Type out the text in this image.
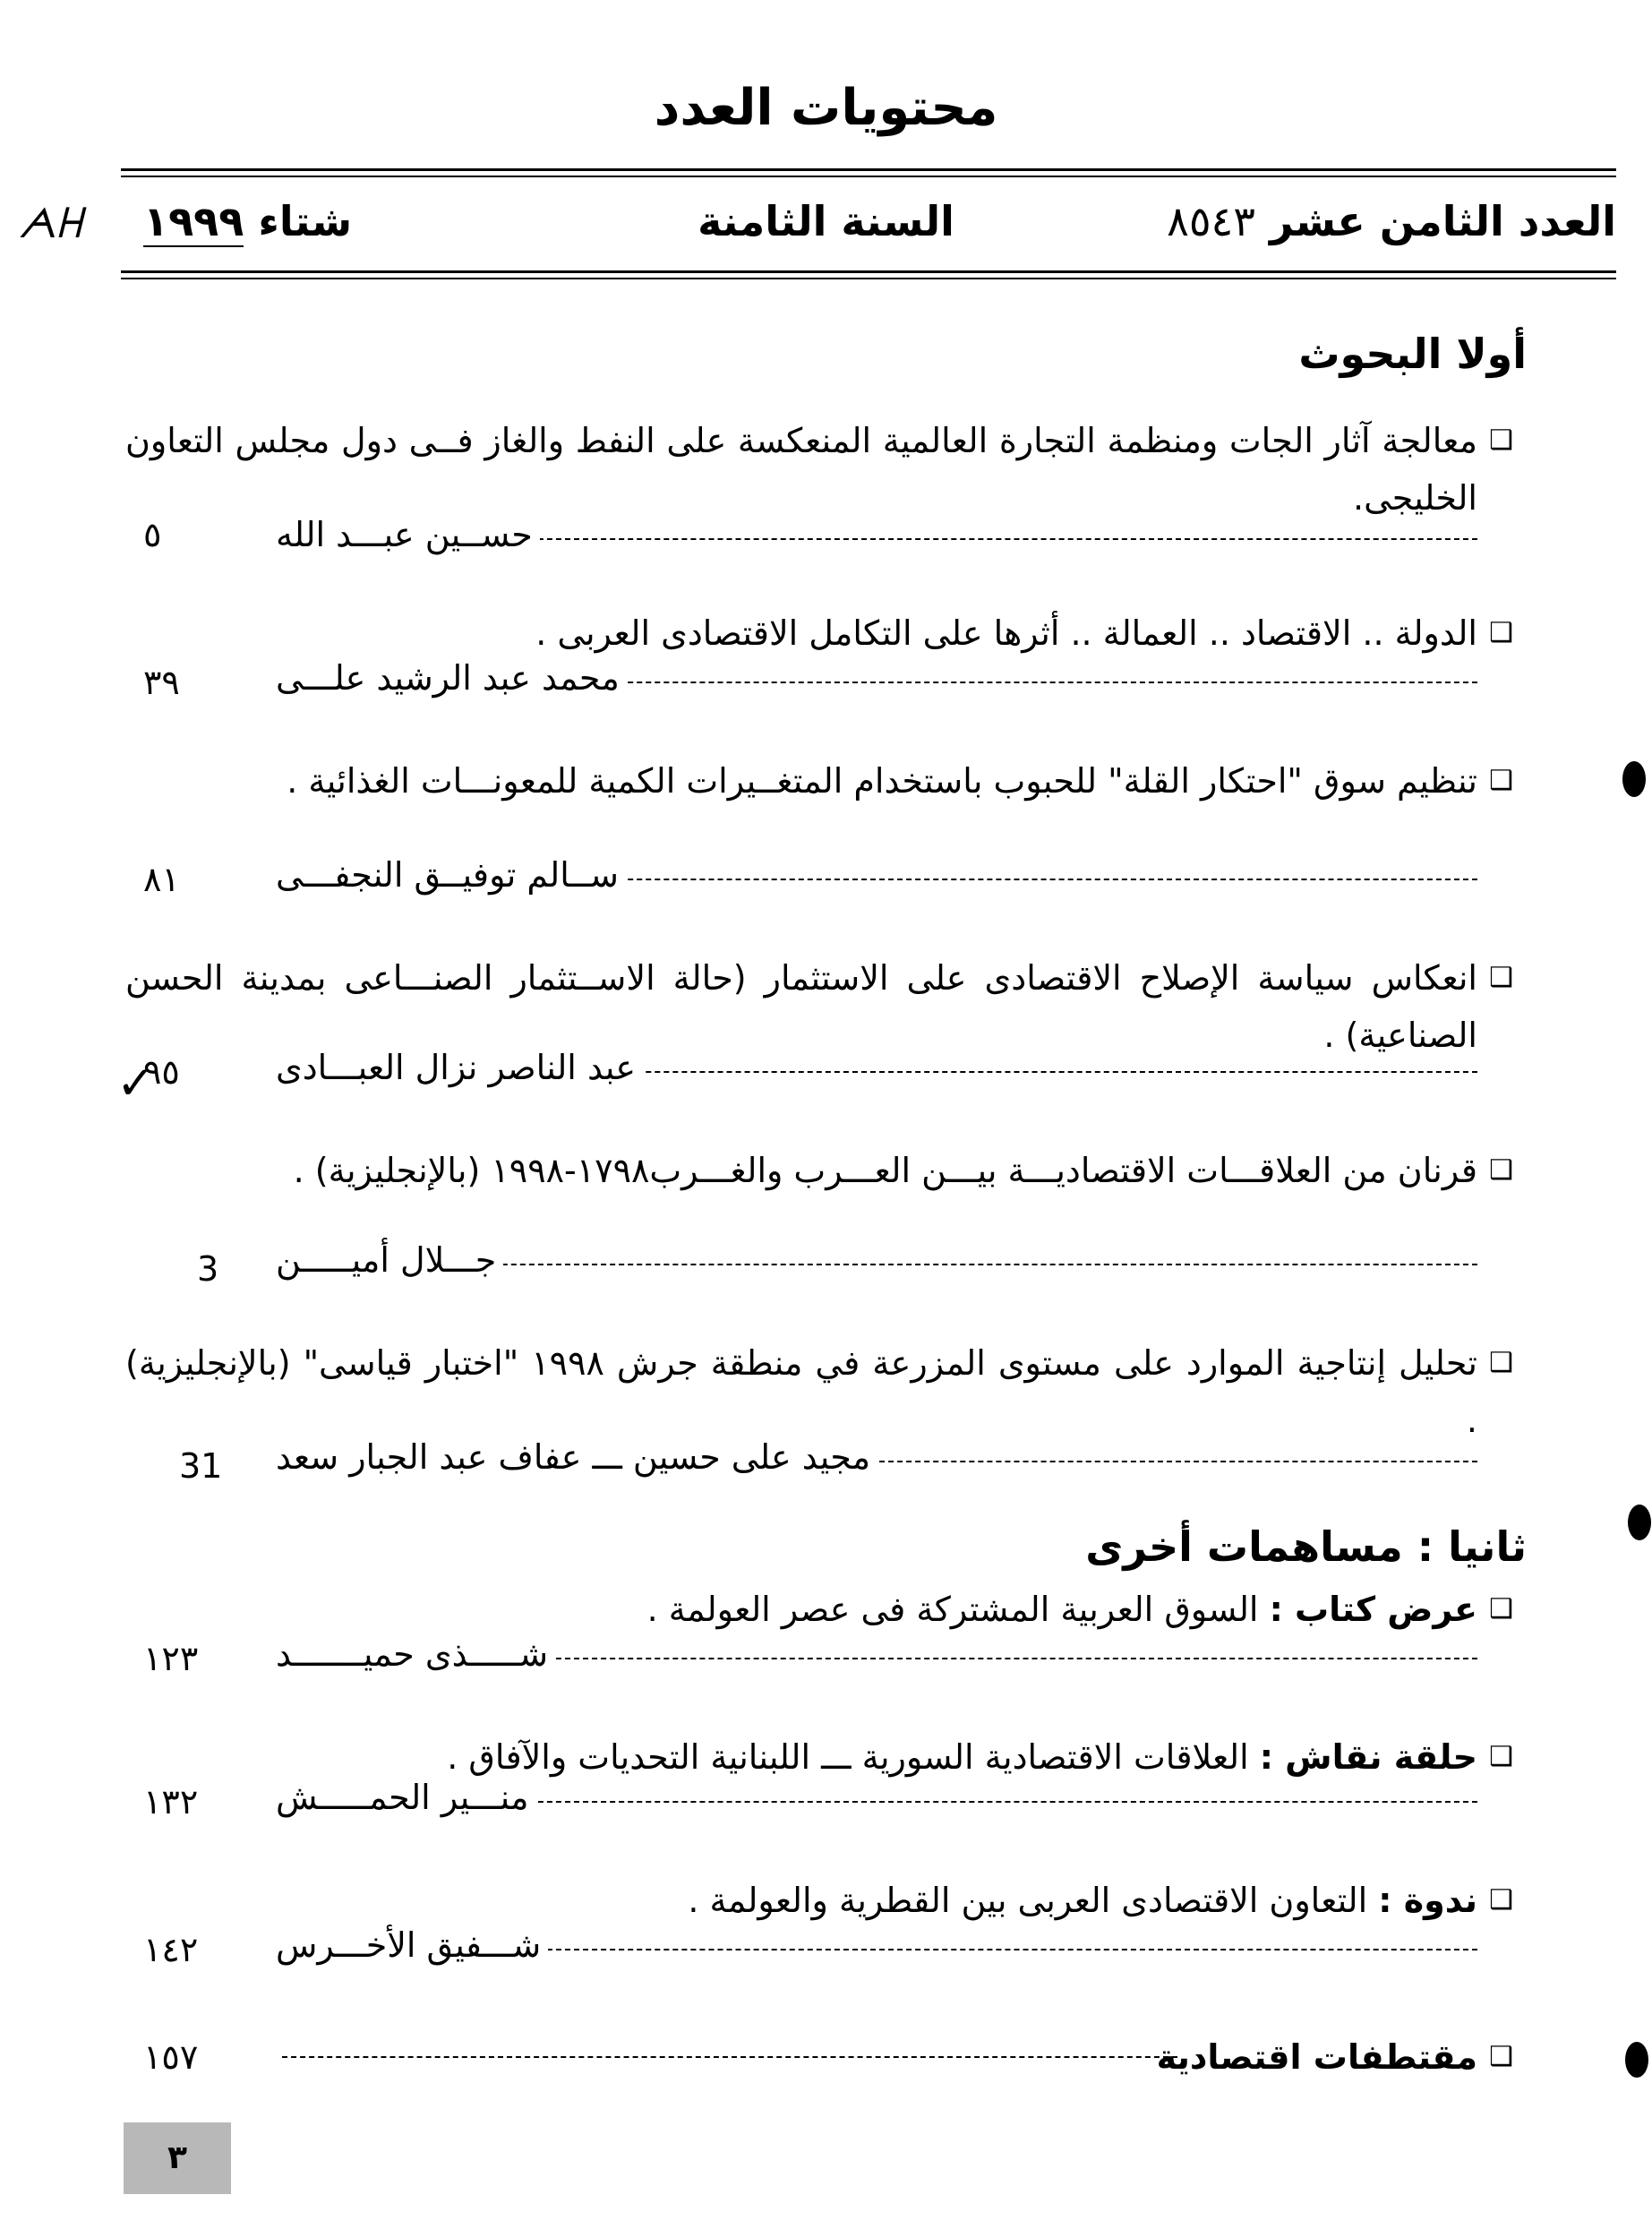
محتويات العدد
العدد الثامن عشر ٨٥٤٣
السنة الثامنة
شتاء ١٩٩٩
ᗅᕼ
أولا البحوث
❑
معالجة آثار الجات ومنظمة التجارة العالمية المنعكسة على النفط والغاز فــى دول مجلس التعاون الخليجى.
حســين عبـــد الله
٥
❑
الدولة .. الاقتصاد .. العمالة .. أثرها على التكامل الاقتصادى العربى .
محمد عبد الرشيد علـــى
٣٩
❑
تنظيم سوق "احتكار القلة" للحبوب باستخدام المتغــيرات الكمية للمعونـــات الغذائية .
ســالم توفيــق النجفـــى
٨١
❑
انعكاس سياسة الإصلاح الاقتصادى على الاستثمار (حالة الاســتثمار الصنـــاعى بمدينة الحسن الصناعية) .
عبد الناصر نزال العبـــادى
٩٥
✓
❑
قرنان من العلاقـــات الاقتصاديـــة بيـــن العـــرب والغـــرب١٧٩٨-١٩٩٨ (بالإنجليزية) .
جـــلال أميـــــن
3
❑
تحليل إنتاجية الموارد على مستوى المزرعة في منطقة جرش ١٩٩٨ "اختبار قياسى" (بالإنجليزية) .
مجيد على حسين ـــ عفاف عبد الجبار سعد
31
ثانيا : مساهمات أخرى
❑
عرض كتاب : السوق العربية المشتركة فى عصر العولمة .
شـــــذى حميـــــــد
١٢٣
❑
حلقة نقاش : العلاقات الاقتصادية السورية ـــ اللبنانية التحديات والآفاق .
منـــير الحمـــــش
١٣٢
❑
ندوة : التعاون الاقتصادى العربى بين القطرية والعولمة .
شـــفيق الأخـــرس
١٤٢
❑
مقتطفات اقتصادية
١٥٧
٣
